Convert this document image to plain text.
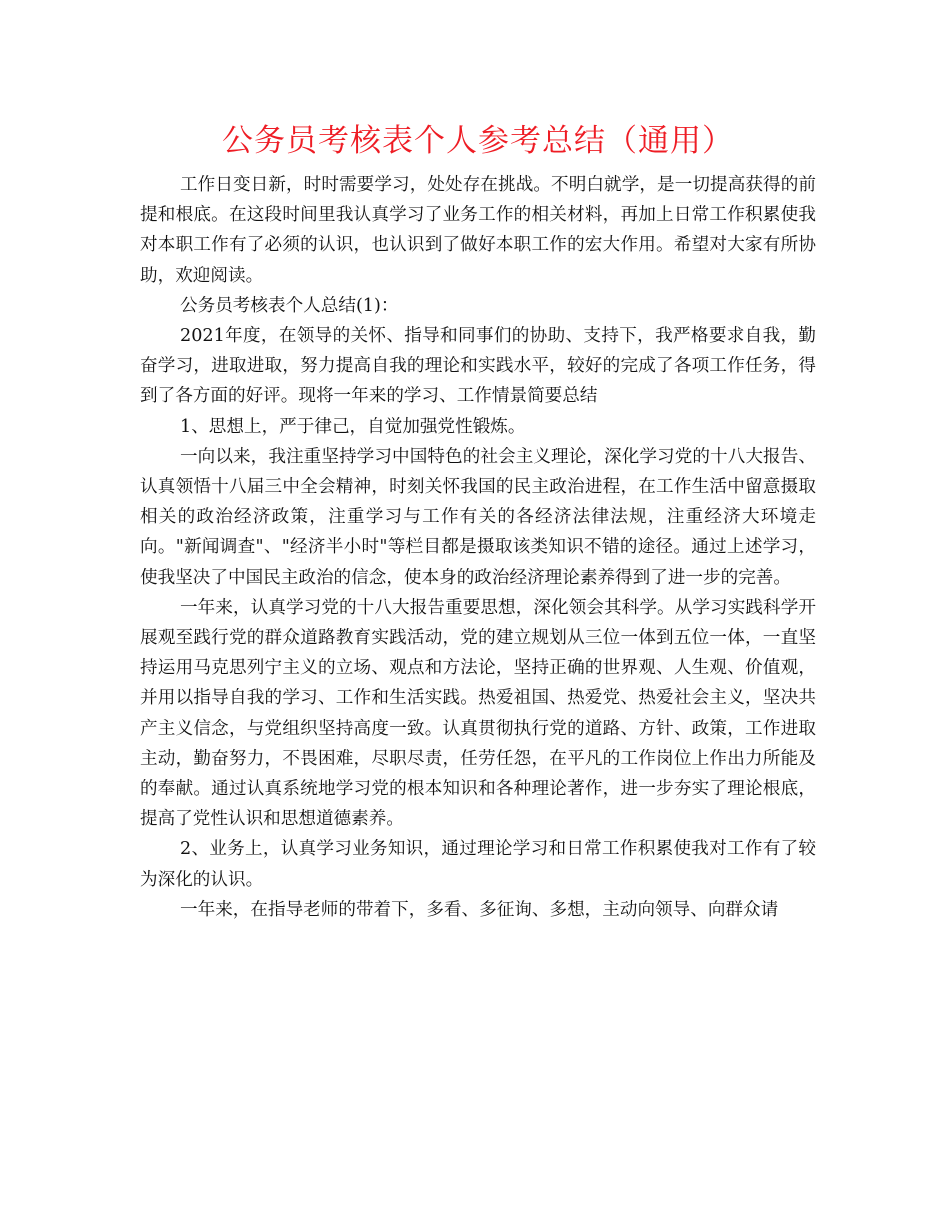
公务员考核表个人参考总结（通用）

工作日变日新，时时需要学习，处处存在挑战。不明白就学，是一切提高获得的前提和根底。在这段时间里我认真学习了业务工作的相关材料，再加上日常工作积累使我对本职工作有了必须的认识，也认识到了做好本职工作的宏大作用。希望对大家有所协助，欢迎阅读。

公务员考核表个人总结(1)：

2021年度，在领导的关怀、指导和同事们的协助、支持下，我严格要求自我，勤奋学习，进取进取，努力提高自我的理论和实践水平，较好的完成了各项工作任务，得到了各方面的好评。现将一年来的学习、工作情景简要总结

1、思想上，严于律己，自觉加强党性锻炼。

一向以来，我注重坚持学习中国特色的社会主义理论，深化学习党的十八大报告、认真领悟十八届三中全会精神，时刻关怀我国的民主政治进程，在工作生活中留意摄取相关的政治经济政策，注重学习与工作有关的各经济法律法规，注重经济大环境走向。"新闻调查"、"经济半小时"等栏目都是摄取该类知识不错的途径。通过上述学习，使我坚决了中国民主政治的信念，使本身的政治经济理论素养得到了进一步的完善。

一年来，认真学习党的十八大报告重要思想，深化领会其科学。从学习实践科学开展观至践行党的群众道路教育实践活动，党的建立规划从三位一体到五位一体，一直坚持运用马克思列宁主义的立场、观点和方法论，坚持正确的世界观、人生观、价值观，并用以指导自我的学习、工作和生活实践。热爱祖国、热爱党、热爱社会主义，坚决共产主义信念，与党组织坚持高度一致。认真贯彻执行党的道路、方针、政策，工作进取主动，勤奋努力，不畏困难，尽职尽责，任劳任怨，在平凡的工作岗位上作出力所能及的奉献。通过认真系统地学习党的根本知识和各种理论著作，进一步夯实了理论根底，提高了党性认识和思想道德素养。

2、业务上，认真学习业务知识，通过理论学习和日常工作积累使我对工作有了较为深化的认识。

一年来，在指导老师的带着下，多看、多征询、多想，主动向领导、向群众请
